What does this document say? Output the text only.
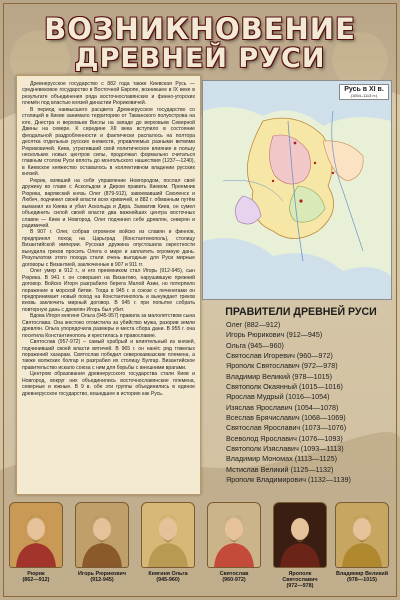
ВОЗНИКНОВЕНИЕ
ДРЕВНЕЙ РУСИ

Древнерусское государство с 882 года также Киевская Русь — средневековое государство в Восточной Европе, возникшее в IX веке в результате объединения ряда восточнославянских и финно-угорских племён под властью князей династии Рюриковичей.

В период наивысшего расцвета Древнерусское государство со столицей в Киеве занимало территорию от Таманского полуострова на юге, Днестра и верховьев Вислы на западе до верховьев Северной Двины на севере. К середине XII века вступило в состояние феодальной раздробленности и фактически распалось на полтора десятка отдельных русских княжеств, управляемых разными ветвями Рюриковичей. Киев, утративший свой политическое влияние в пользу нескольких новых центров силы, продолжал формально считаться главным столом Руси вплоть до монгольского нашествия (1237—1240), в Киевское княжество оставалось в коллективном владении русских князей.

Рюрик, взявший на себя управление Новгородом, послал своё дружину во главе с Аскольдом и Диром править Киевом. Преемник Рюрика, варяжский князь Олег (879-912), завоевавший Смоленск и Любеч, подчинил своей власти всех кривичей, и 882 г. обманным путём выманил из Киева и убил Аскольда и Дира. Захватив Киев, он сумел объединить силой своей власти два важнейших центра восточных славян — Киев и Новгород. Олег подчинил себе древлян, северян и радимичей.

В 907 г. Олег, собрав огромное войско из славян и финнов, предпринял поход на Царьград (Константинополь), столицу Византийской империи. Русская дружина опустошила окрестности вынудила греков просить Олега о мире и заплатить огромную дань. Результатом этого похода стали очень выгодные для Руси мирные договоры с Византией, заключенные в 907 и 911 гг.

Олег умер в 912 г., и его преемником стал Игорь (912-945), сын Рюрика. В 941 г. он совершил на Византию, нарушившую прежний договор. Войско Игоря разграбило берега Малой Азии, но потерпело поражение в морской битве. Тогда в 945 г. в союзе с печенегами он предпринимает новый поход на Константинополь и вынуждает греков вновь заключить мирный договор. В 945 г. при попытке собрать повторную дань с древлян Игорь был убит.

Вдова Игоря княгиня Ольга (945-957) правила за малолетством сына Святослава. Она жестоко отомстила за убийство мужа, разорив земли древлян. Ольга упорядочила размеры и места сбора дани. В 955 г. она посетила Константинополь и крестилась в православие.

Святослав (957-972) – самый храбрый и влиятельный из князей, подчинивший своей власти вятичей. В 965 г. он нанёс ряд тяжелых поражений хазарам. Святослав победил северокавказские племена, а также волжских болгар и разграбил их столицу Булгар. Византийское правительство искало союза с ним для борьбы с внешними врагами.

Центром образования древнерусского государства стали Киев и Новгород, вокруг них объединились восточнославянские племена, северные и южные. В 9 в. обе эти группы объединились в единое древнерусское государство, вошедшее в историю как Русь.

Русь в XI в.
(1054–1113 гг.)
ПРАВИТЕЛИ ДРЕВНЕЙ РУСИ
Олег (882—912)
Игорь Рюрикович (912—945)
Ольга (945—960)
Святослав Игоревич (960—972)
Ярополк Святославич (972—978)
Владимир Великий (978—1015)
Святополк Окаянный (1015—1016)
Ярослав Мудрый (1016—1054)
Изяслав Ярославич (1054—1078)
Всеслав Брячиславич (1068—1069)
Святослав Ярославич (1073—1076)
Всеволод Ярославич (1076—1093)
Святополк Изяславич (1093—1113)
Владимир Мономах (1113—1125)
Мстислав Великий (1125—1132)
Ярополк Владимирович (1132—1139)
Рюрик
(862—912)
Игорь Рюрикович
(912-945)
Княгиня Ольга
(945-960)
Святослав
(960-972)
Ярополк Святославич
(972—978)
Владимир Великий
(978—1015)
